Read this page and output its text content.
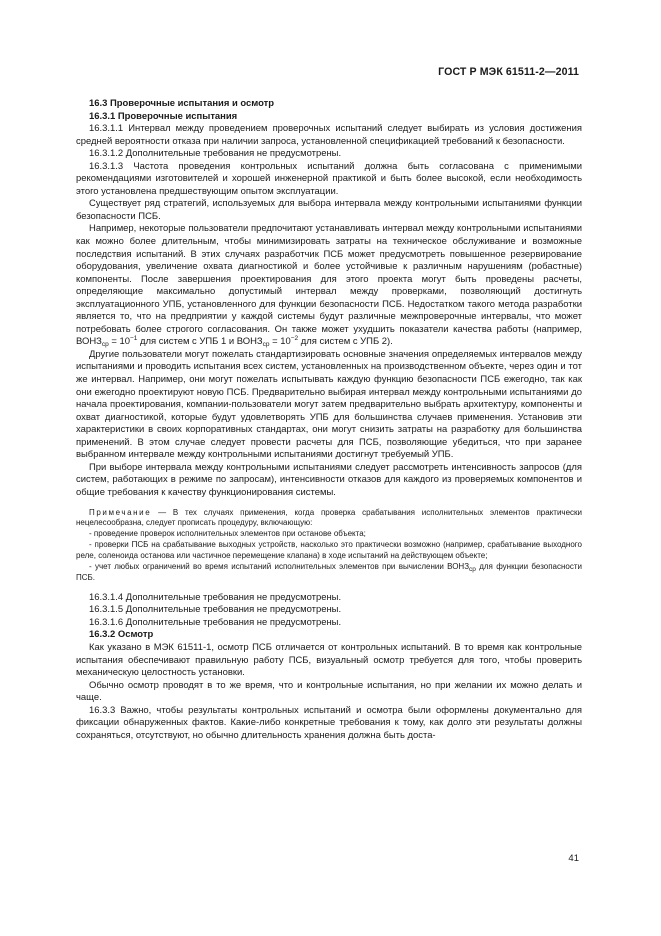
ГОСТ Р МЭК 61511-2—2011

16.3 Проверочные испытания и осмотр

16.3.1 Проверочные испытания

16.3.1.1 Интервал между проведением проверочных испытаний следует выбирать из условия достижения средней вероятности отказа при наличии запроса, установленной спецификацией требований к безопасности.

16.3.1.2 Дополнительные требования не предусмотрены.

16.3.1.3 Частота проведения контрольных испытаний должна быть согласована с применимыми рекомендациями изготовителей и хорошей инженерной практикой и быть более высокой, если необходимость этого установлена предшествующим опытом эксплуатации.

Существует ряд стратегий, используемых для выбора интервала между контрольными испытаниями функции безопасности ПСБ.

Например, некоторые пользователи предпочитают устанавливать интервал между контрольными испытаниями как можно более длительным, чтобы минимизировать затраты на техническое обслуживание и возможные последствия испытаний. В этих случаях разработчик ПСБ может предусмотреть повышенное резервирование оборудования, увеличение охвата диагностикой и более устойчивые к различным нарушениям (робастные) компоненты. После завершения проектирования для этого проекта могут быть проведены расчеты, определяющие максимально допустимый интервал между проверками, позволяющий достигнуть эксплуатационного УПБ, установленного для функции безопасности ПСБ. Недостатком такого метода разработки является то, что на предприятии у каждой системы будут различные межпроверочные интервалы, что может потребовать более строгого согласования. Он также может ухудшить показатели качества работы (например, $ВОНЗ_{ср} = 10^{-1}$ для систем с УПБ 1 и $ВОНЗ_{ср} = 10^{-2}$ для систем с УПБ 2).

Другие пользователи могут пожелать стандартизировать основные значения определяемых интервалов между испытаниями и проводить испытания всех систем, установленных на производственном объекте, через один и тот же интервал. Например, они могут пожелать испытывать каждую функцию безопасности ПСБ ежегодно, так как они ежегодно проектируют новую ПСБ. Предварительно выбирая интервал между контрольными испытаниями до начала проектирования, компании-пользователи могут затем предварительно выбрать архитектуру, компоненты и охват диагностикой, которые будут удовлетворять УПБ для большинства случаев применения. Установив эти характеристики в своих корпоративных стандартах, они могут снизить затраты на разработку для большинства применений. В этом случае следует провести расчеты для ПСБ, позволяющие убедиться, что при заранее выбранном интервале между контрольными испытаниями достигнут требуемый УПБ.

При выборе интервала между контрольными испытаниями следует рассмотреть интенсивность запросов (для систем, работающих в режиме по запросам), интенсивности отказов для каждого из проверяемых компонентов и общие требования к качеству функционирования системы.

Примечание — В тех случаях применения, когда проверка срабатывания исполнительных элементов практически нецелесообразна, следует прописать процедуру, включающую:

- проведение проверок исполнительных элементов при останове объекта;

- проверки ПСБ на срабатывание выходных устройств, насколько это практически возможно (например, срабатывание выходного реле, соленоида останова или частичное перемещение клапана) в ходе испытаний на действующем объекте;

- учет любых ограничений во время испытаний исполнительных элементов при вычислении $ВОНЗ_{ср}$ для функции безопасности ПСБ.

16.3.1.4 Дополнительные требования не предусмотрены.

16.3.1.5 Дополнительные требования не предусмотрены.

16.3.1.6 Дополнительные требования не предусмотрены.

16.3.2 Осмотр

Как указано в МЭК 61511-1, осмотр ПСБ отличается от контрольных испытаний. В то время как контрольные испытания обеспечивают правильную работу ПСБ, визуальный осмотр требуется для того, чтобы проверить механическую целостность установки.

Обычно осмотр проводят в то же время, что и контрольные испытания, но при желании их можно делать и чаще.

16.3.3 Важно, чтобы результаты контрольных испытаний и осмотра были оформлены документально для фиксации обнаруженных фактов. Какие-либо конкретные требования к тому, как долго эти результаты должны сохраняться, отсутствуют, но обычно длительность хранения должна быть доста-

41
